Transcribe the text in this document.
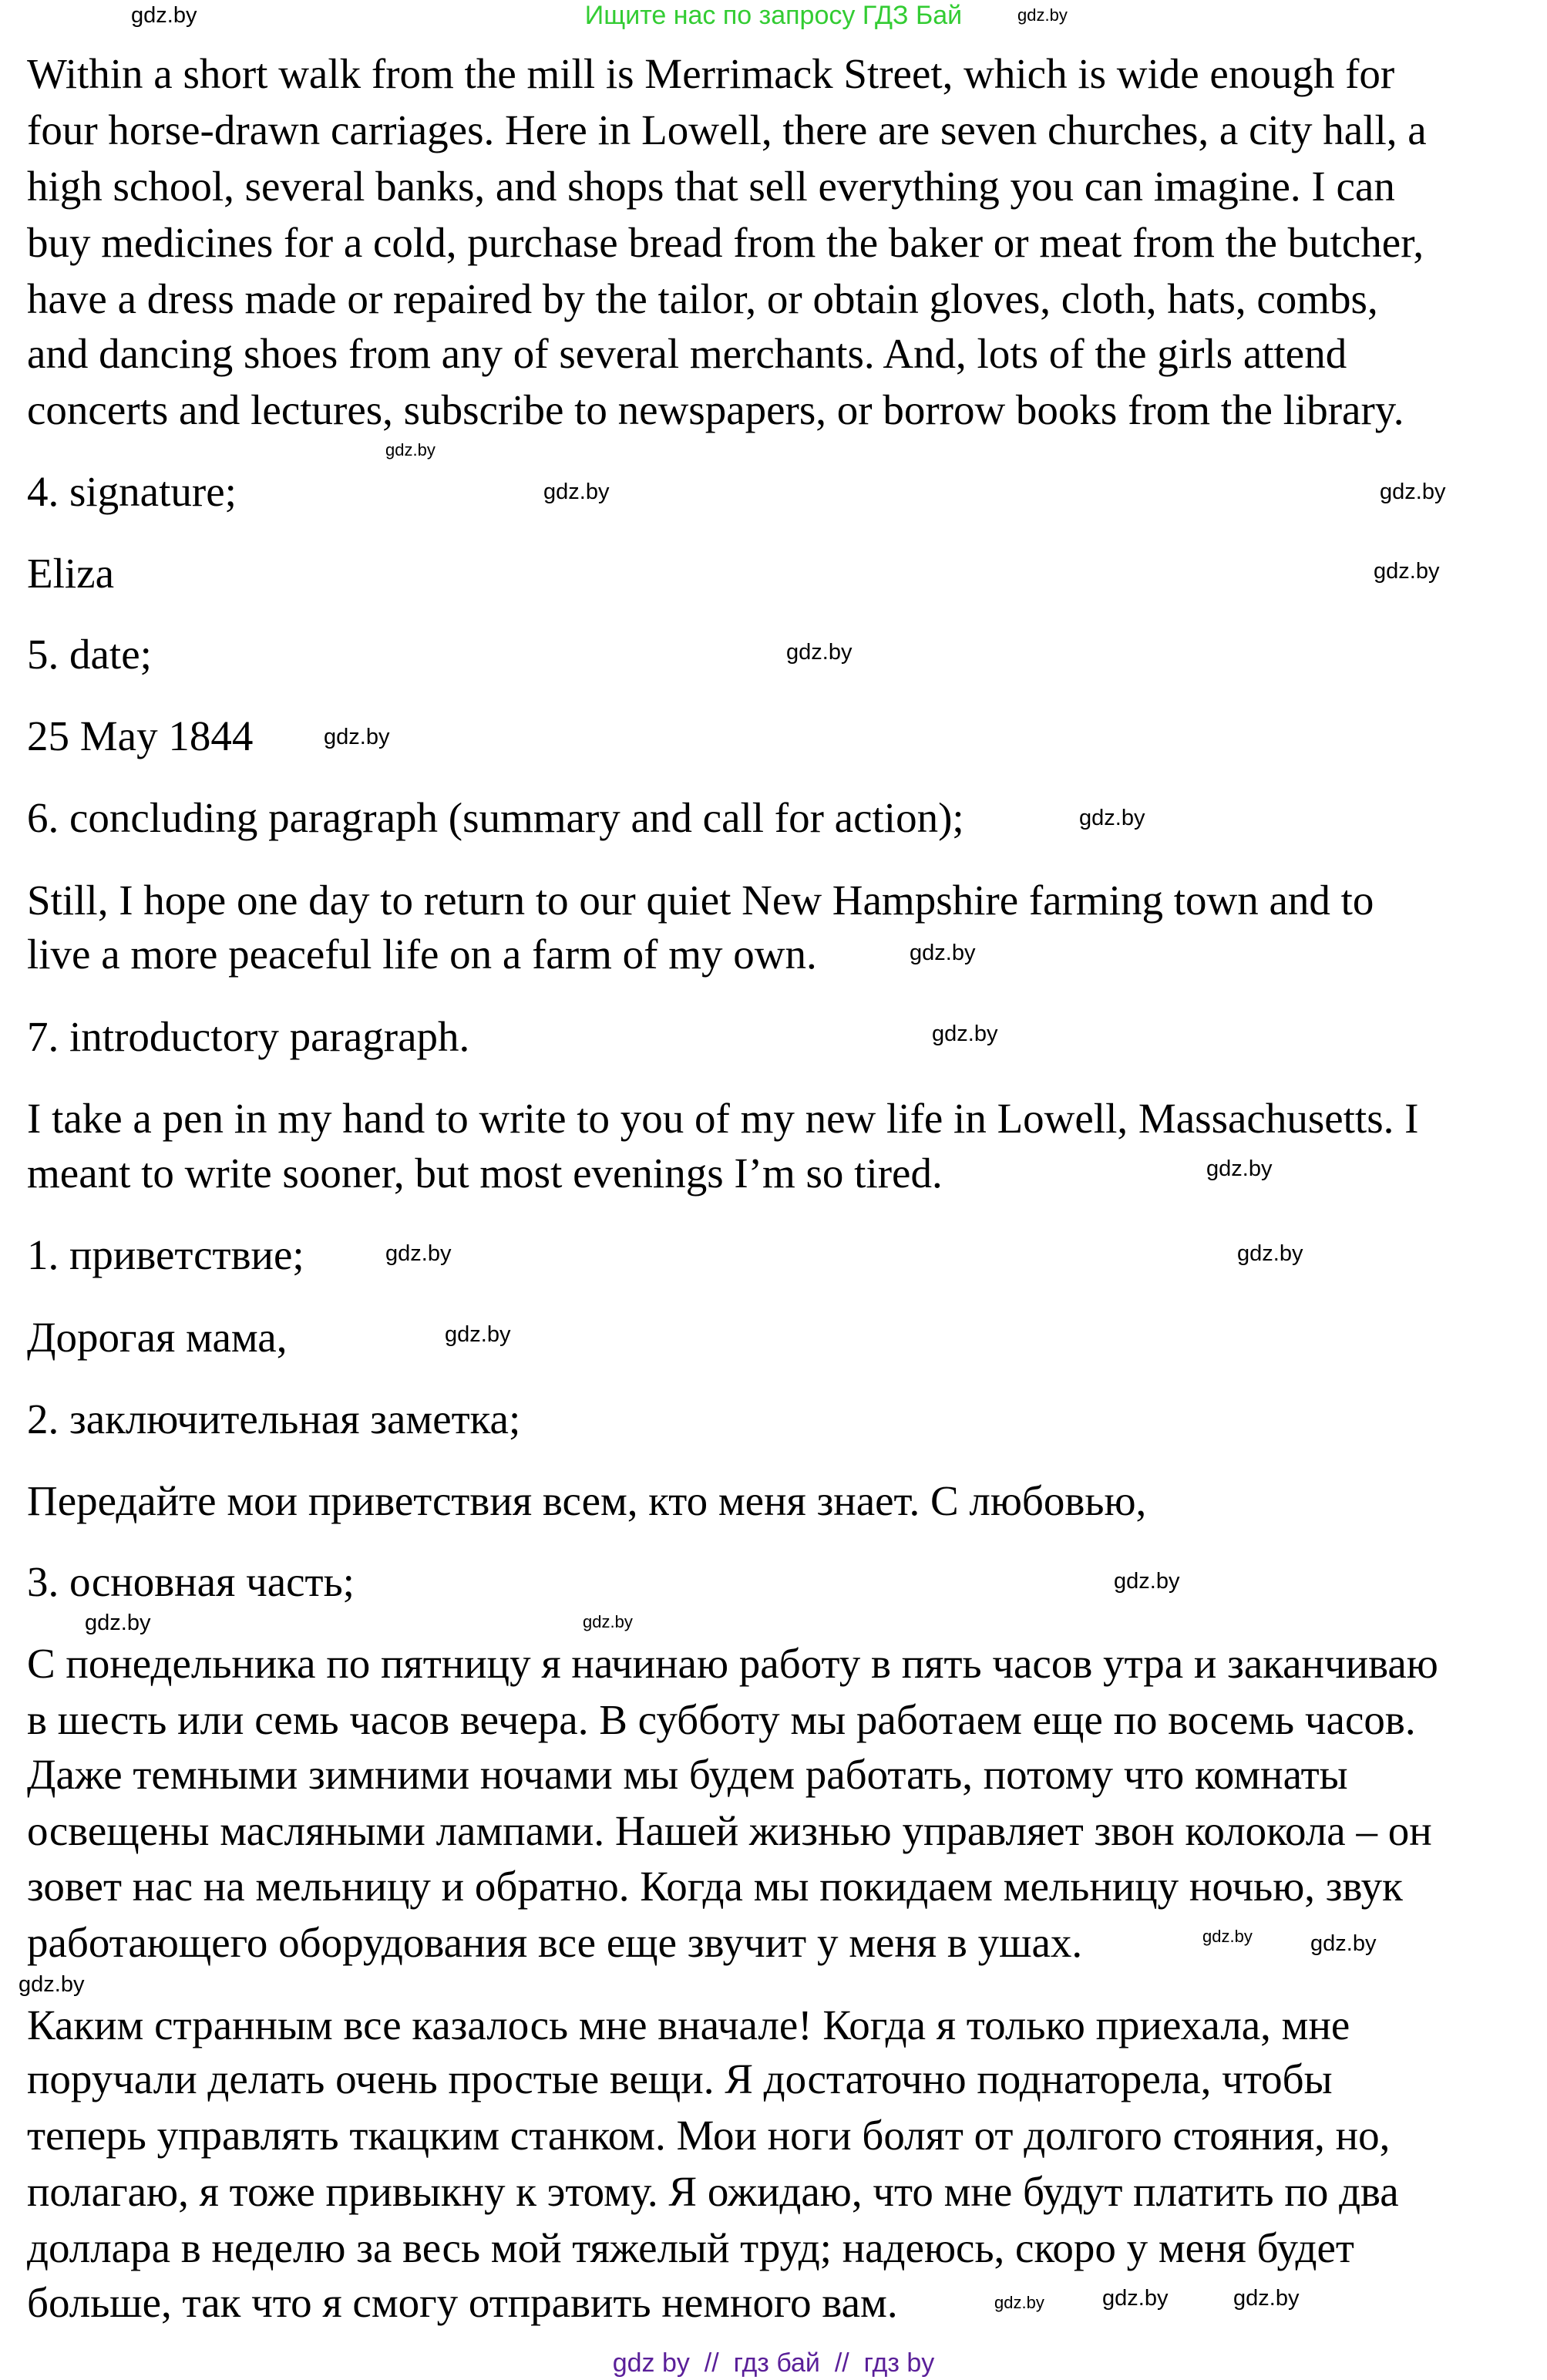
Ищите нас по запросу ГДЗ Бай
Within a short walk from the mill is Merrimack Street, which is wide enough for
four horse-drawn carriages. Here in Lowell, there are seven churches, a city hall, a
high school, several banks, and shops that sell everything you can imagine. I can
buy medicines for a cold, purchase bread from the baker or meat from the butcher,
have a dress made or repaired by the tailor, or obtain gloves, cloth, hats, combs,
and dancing shoes from any of several merchants. And, lots of the girls attend
concerts and lectures, subscribe to newspapers, or borrow books from the library.
4. signature;
Eliza
5. date;
25 May 1844
6. concluding paragraph (summary and call for action);
Still, I hope one day to return to our quiet New Hampshire farming town and to
live a more peaceful life on a farm of my own.
7. introductory paragraph.
I take a pen in my hand to write to you of my new life in Lowell, Massachusetts. I
meant to write sooner, but most evenings I’m so tired.
1. приветствие;
Дорогая мама,
2. заключительная заметка;
Передайте мои приветствия всем, кто меня знает. С любовью,
3. основная часть;
С понедельника по пятницу я начинаю работу в пять часов утра и заканчиваю
в шесть или семь часов вечера. В субботу мы работаем еще по восемь часов.
Даже темными зимними ночами мы будем работать, потому что комнаты
освещены масляными лампами. Нашей жизнью управляет звон колокола – он
зовет нас на мельницу и обратно. Когда мы покидаем мельницу ночью, звук
работающего оборудования все еще звучит у меня в ушах.
Каким странным все казалось мне вначале! Когда я только приехала, мне
поручали делать очень простые вещи. Я достаточно поднаторела, чтобы
теперь управлять ткацким станком. Мои ноги болят от долгого стояния, но,
полагаю, я тоже привыкну к этому. Я ожидаю, что мне будут платить по два
доллара в неделю за весь мой тяжелый труд; надеюсь, скоро у меня будет
больше, так что я смогу отправить немного вам.
gdz.by	gdz.by
gdz.by
gdz.by
gdz.by
gdz.by
gdz.by
gdz.by
gdz.by
gdz.by
gdz.by
gdz.by
gdz.by	gdz.by
gdz.by
gdz.by
gdz.by
gdz.by
gdz.by	gdz.by
gdz.by
gdz.by
gdz.by	gdz.by
gdz by  //  гдз бай  //  гдз by
